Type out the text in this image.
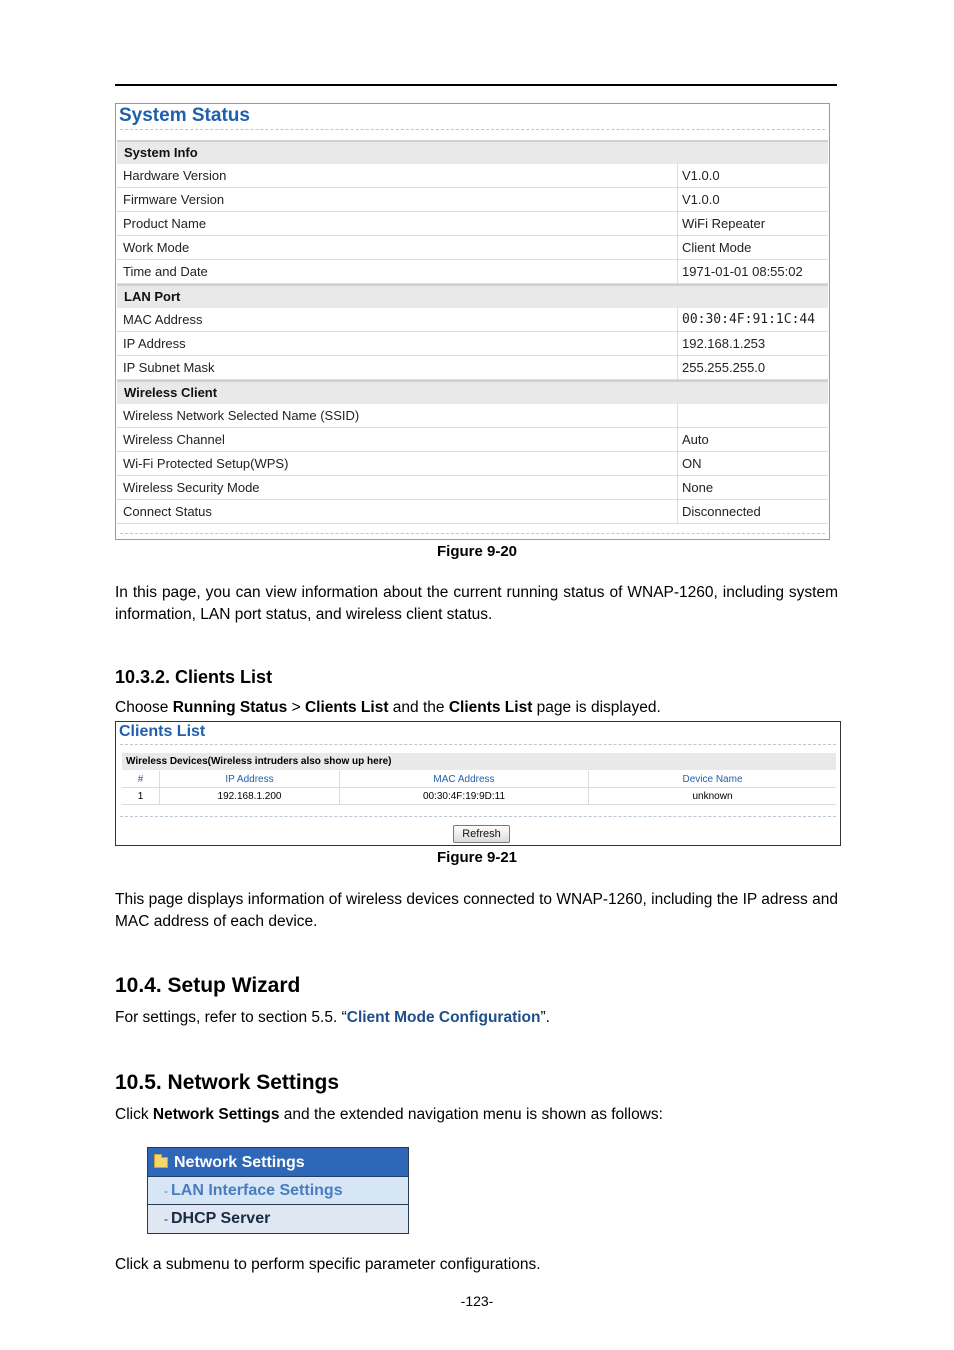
System Status
System Info
Hardware Version	V1.0.0
Firmware Version	V1.0.0
Product Name	WiFi Repeater
Work Mode	Client Mode
Time and Date	1971-01-01 08:55:02
LAN Port
MAC Address	00:30:4F:91:1C:44
IP Address	192.168.1.253
IP Subnet Mask	255.255.255.0
Wireless Client
Wireless Network Selected Name (SSID)
Wireless Channel	Auto
Wi-Fi Protected Setup(WPS)	ON
Wireless Security Mode	None
Connect Status	Disconnected
Figure 9-20
In this page, you can view information about the current running status of WNAP-1260, including system information, LAN port status, and wireless client status.
10.3.2. Clients List
Choose Running Status > Clients List and the Clients List page is displayed.
Clients List
Wireless Devices(Wireless intruders also show up here)
#	IP Address	MAC Address	Device Name
1	192.168.1.200	00:30:4F:19:9D:11	unknown
Refresh
Figure 9-21
This page displays information of wireless devices connected to WNAP-1260, including the IP adress and MAC address of each device.
10.4. Setup Wizard
For settings, refer to section 5.5. “Client Mode Configuration”.
10.5. Network Settings
Click Network Settings and the extended navigation menu is shown as follows:
Network Settings
- LAN Interface Settings
- DHCP Server
Click a submenu to perform specific parameter configurations.
-123-
